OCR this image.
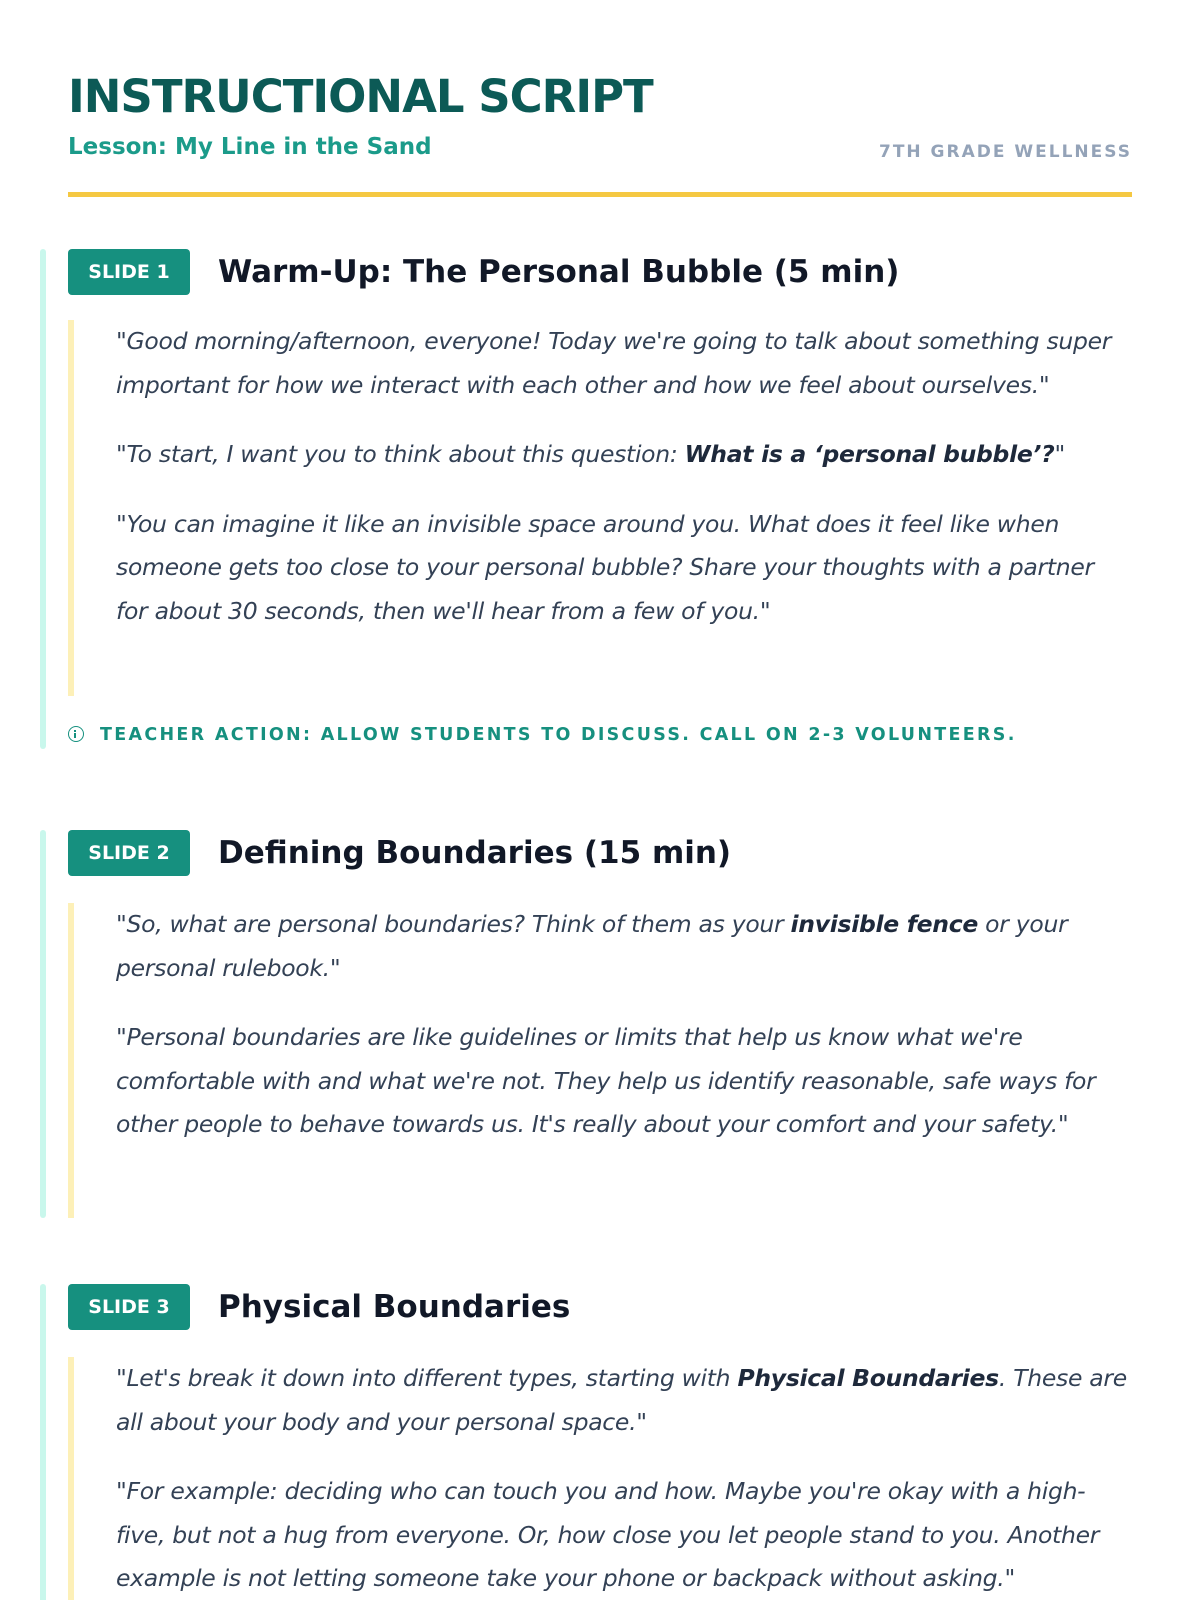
INSTRUCTIONAL SCRIPT
Lesson: My Line in the Sand	7TH GRADE WELLNESS
SLIDE 1	Warm-Up: The Personal Bubble (5 min)

"Good morning/afternoon, everyone! Today we're going to talk about something super important for how we interact with each other and how we feel about ourselves."

"To start, I want you to think about this question: What is a ‘personal bubble’?"

"You can imagine it like an invisible space around you. What does it feel like when someone gets too close to your personal bubble? Share your thoughts with a partner for about 30 seconds, then we'll hear from a few of you."

TEACHER ACTION: ALLOW STUDENTS TO DISCUSS. CALL ON 2-3 VOLUNTEERS.
SLIDE 2	Defining Boundaries (15 min)

"So, what are personal boundaries? Think of them as your invisible fence or your personal rulebook."

"Personal boundaries are like guidelines or limits that help us know what we're comfortable with and what we're not. They help us identify reasonable, safe ways for other people to behave towards us. It's really about your comfort and your safety."

SLIDE 3	Physical Boundaries

"Let's break it down into different types, starting with Physical Boundaries. These are all about your body and your personal space."

"For example: deciding who can touch you and how. Maybe you're okay with a high-five, but not a hug from everyone. Or, how close you let people stand to you. Another example is not letting someone take your phone or backpack without asking."
